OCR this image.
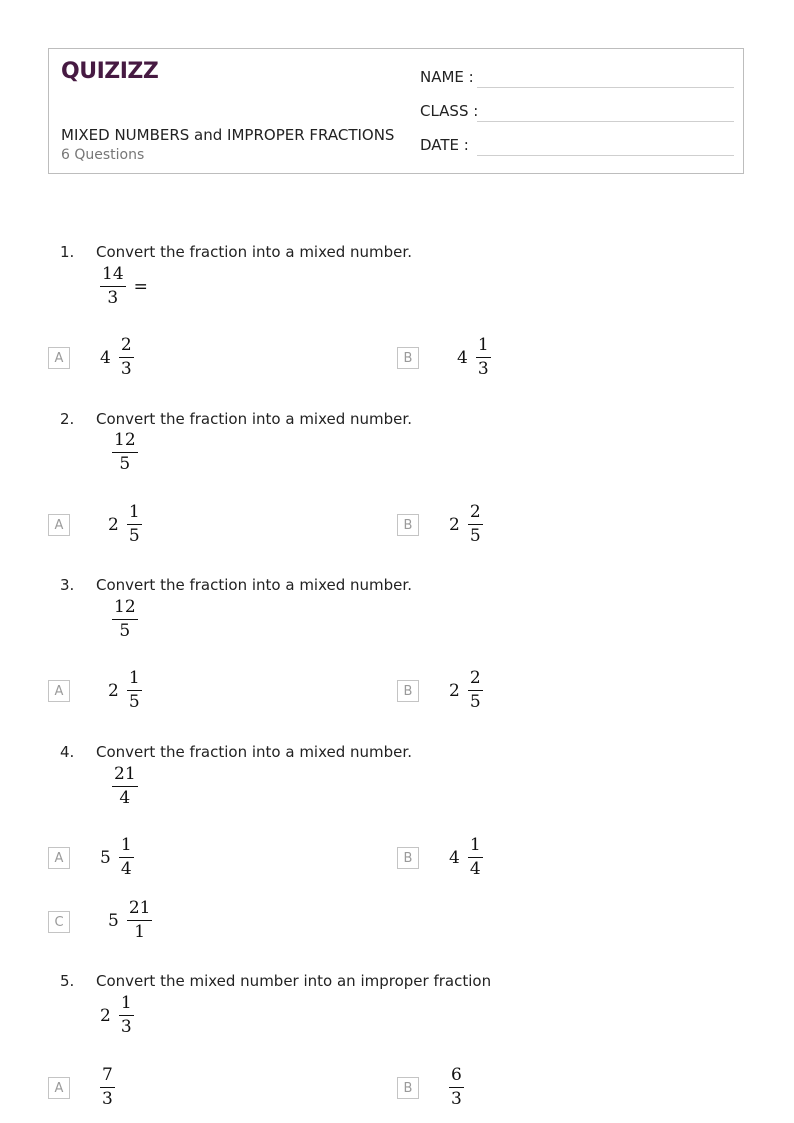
QUIZIZZ
MIXED NUMBERS and IMPROPER FRACTIONS
6 Questions
NAME :
CLASS :
DATE :
1. Convert the fraction into a mixed number.
$\frac{14}{3}$ =
A	$4 \frac{2}{3}$	B	$4 \frac{1}{3}$
2. Convert the fraction into a mixed number.
$\frac{12}{5}$
A	$2 \frac{1}{5}$	B	$2 \frac{2}{5}$
3. Convert the fraction into a mixed number.
$\frac{12}{5}$
A	$2 \frac{1}{5}$	B	$2 \frac{2}{5}$
4. Convert the fraction into a mixed number.
$\frac{21}{4}$
A	$5 \frac{1}{4}$	B	$4 \frac{1}{4}$
C	$5 \frac{21}{1}$
5. Convert the mixed number into an improper fraction
$2 \frac{1}{3}$
A	$\frac{7}{3}$	B	$\frac{6}{3}$
